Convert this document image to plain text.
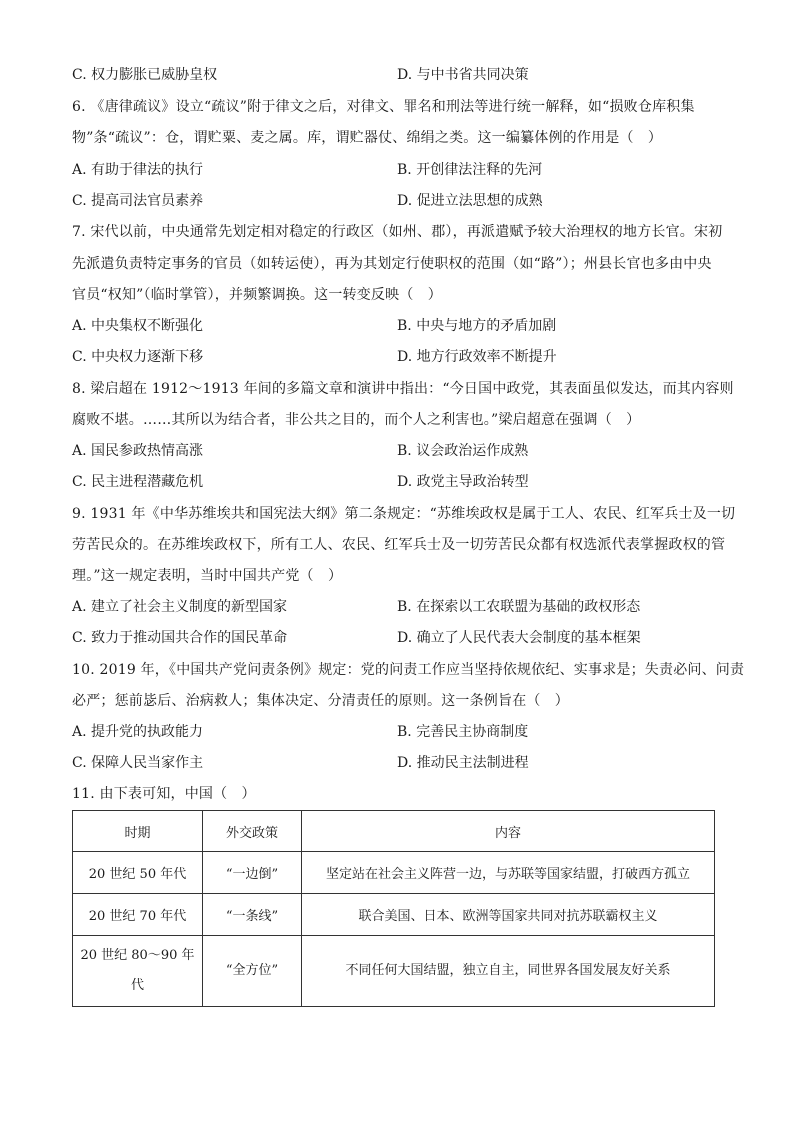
C. 权力膨胀已威胁皇权	D. 与中书省共同决策
6. 《唐律疏议》设立“疏议”附于律文之后，对律文、罪名和刑法等进行统一解释，如“损败仓库积集
物”条“疏议”：仓，谓贮粟、麦之属。库，谓贮器仗、绵绢之类。这一编纂体例的作用是（　）
A. 有助于律法的执行	B. 开创律法注释的先河
C. 提高司法官员素养	D. 促进立法思想的成熟
7. 宋代以前，中央通常先划定相对稳定的行政区（如州、郡），再派遣赋予较大治理权的地方长官。宋初
先派遣负责特定事务的官员（如转运使），再为其划定行使职权的范围（如“路”）；州县长官也多由中央
官员“权知”（临时掌管），并频繁调换。这一转变反映（　）
A. 中央集权不断强化	B. 中央与地方的矛盾加剧
C. 中央权力逐渐下移	D. 地方行政效率不断提升
8. 梁启超在 1912～1913 年间的多篇文章和演讲中指出：“今日国中政党，其表面虽似发达，而其内容则
腐败不堪。……其所以为结合者，非公共之目的，而个人之利害也。”梁启超意在强调（　）
A. 国民参政热情高涨	B. 议会政治运作成熟
C. 民主进程潜藏危机	D. 政党主导政治转型
9. 1931 年《中华苏维埃共和国宪法大纲》第二条规定：“苏维埃政权是属于工人、农民、红军兵士及一切
劳苦民众的。在苏维埃政权下，所有工人、农民、红军兵士及一切劳苦民众都有权选派代表掌握政权的管
理。”这一规定表明，当时中国共产党（　）
A. 建立了社会主义制度的新型国家	B. 在探索以工农联盟为基础的政权形态
C. 致力于推动国共合作的国民革命	D. 确立了人民代表大会制度的基本框架
10. 2019 年，《中国共产党问责条例》规定：党的问责工作应当坚持依规依纪、实事求是；失责必问、问责
必严；惩前毖后、治病救人；集体决定、分清责任的原则。这一条例旨在（　）
A. 提升党的执政能力	B. 完善民主协商制度
C. 保障人民当家作主	D. 推动民主法制进程
11. 由下表可知，中国（　）
时期	外交政策	内容
20 世纪 50 年代	“一边倒”	坚定站在社会主义阵营一边，与苏联等国家结盟，打破西方孤立
20 世纪 70 年代	“一条线”	联合美国、日本、欧洲等国家共同对抗苏联霸权主义
20 世纪 80～90 年代	“全方位”	不同任何大国结盟，独立自主，同世界各国发展友好关系
